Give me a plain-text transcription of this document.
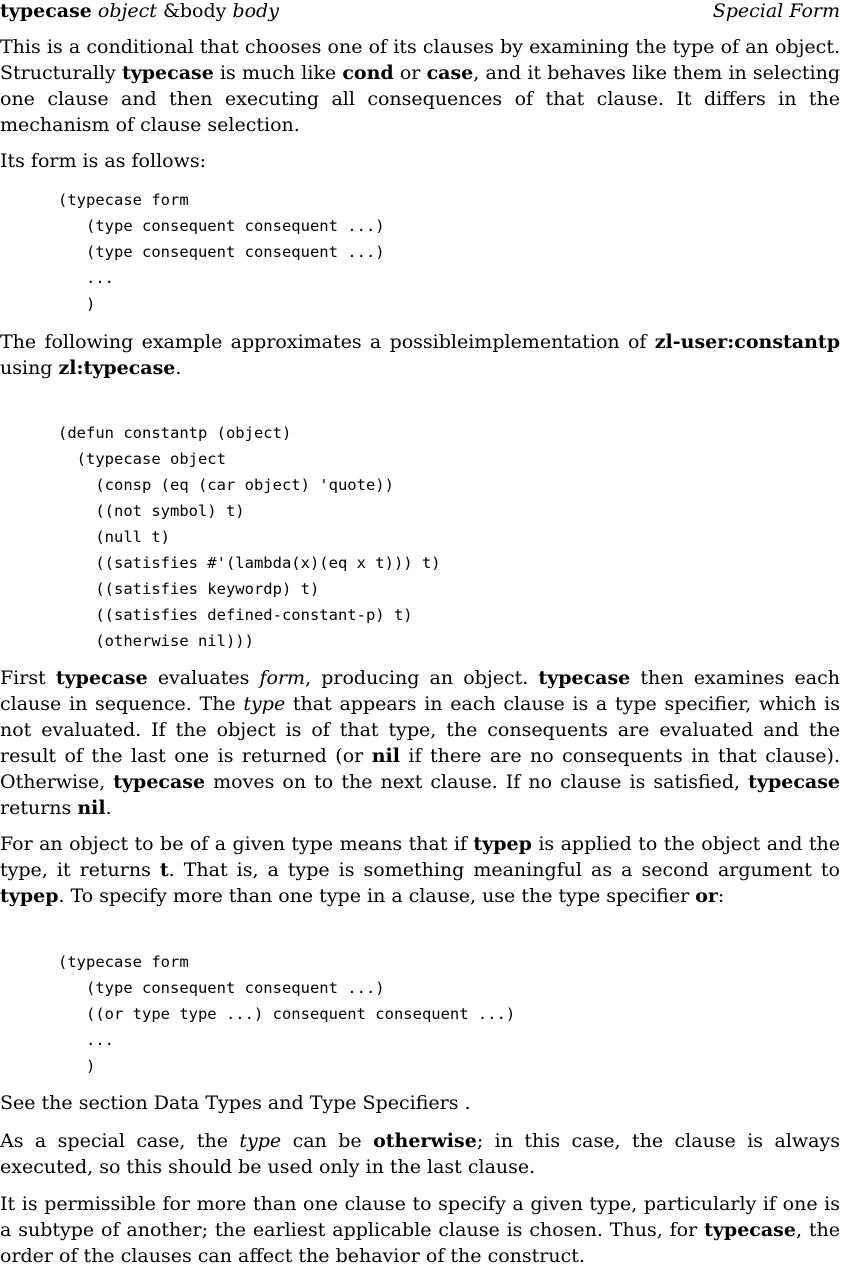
typecase object &body body	Special Form

This is a conditional that chooses one of its clauses by examining the type of an object. Structurally typecase is much like cond or case, and it behaves like them in selecting one clause and then executing all consequences of that clause. It differs in the mechanism of clause selection.

Its form is as follows:

(typecase form
(type consequent consequent ...)
(type consequent consequent ...)
...
)

The following example approximates a possibleimplementation of zl-user:constantp using zl:typecase.

(defun constantp (object)
(typecase object
(consp (eq (car object) 'quote))
((not symbol) t)
(null t)
((satisfies #'(lambda(x)(eq x t))) t)
((satisfies keywordp) t)
((satisfies defined-constant-p) t)
(otherwise nil)))

First typecase evaluates form, producing an object. typecase then examines each clause in sequence. The type that appears in each clause is a type specifier, which is not evaluated. If the object is of that type, the consequents are evaluated and the result of the last one is returned (or nil if there are no consequents in that clause). Otherwise, typecase moves on to the next clause. If no clause is satisfied, typecase returns nil.

For an object to be of a given type means that if typep is applied to the object and the type, it returns t. That is, a type is something meaningful as a second argument to typep. To specify more than one type in a clause, use the type specifier or:

(typecase form
(type consequent consequent ...)
((or type type ...) consequent consequent ...)
...
)

See the section Data Types and Type Specifiers .

As a special case, the type can be otherwise; in this case, the clause is always executed, so this should be used only in the last clause.

It is permissible for more than one clause to specify a given type, particularly if one is a subtype of another; the earliest applicable clause is chosen. Thus, for typecase, the order of the clauses can affect the behavior of the construct.
